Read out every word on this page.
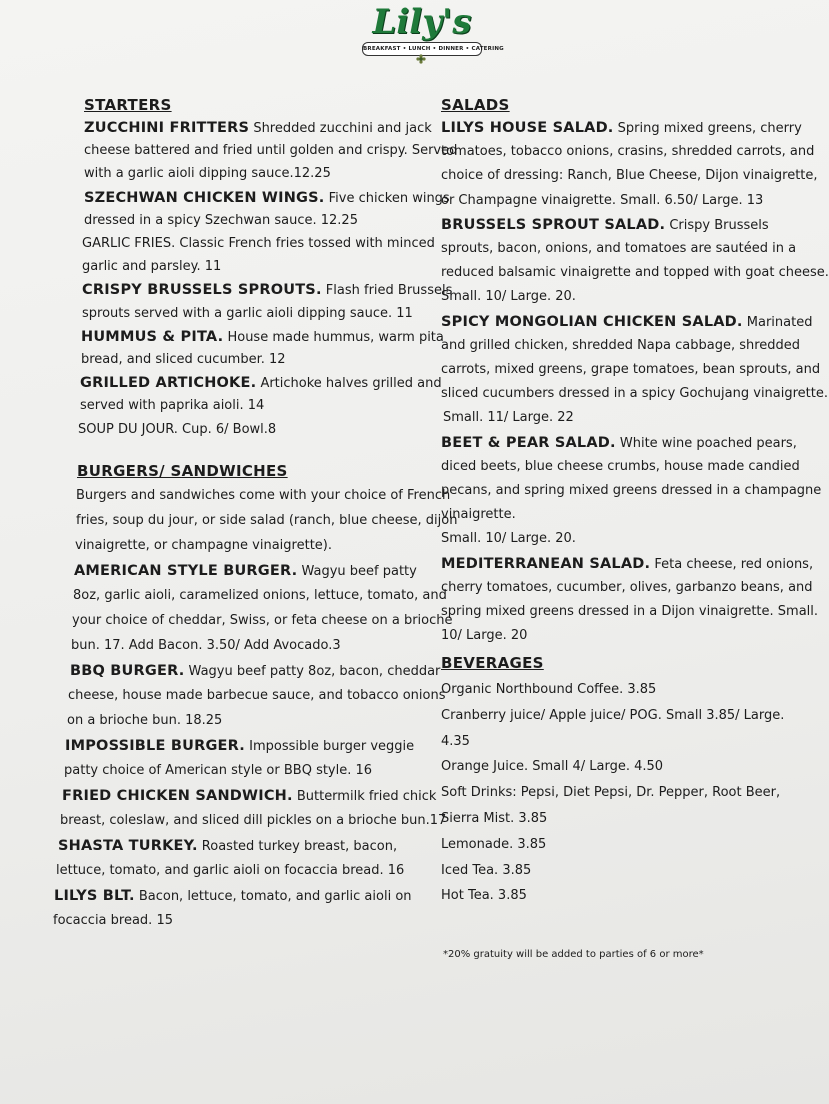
Lily's
BREAKFAST • LUNCH • DINNER • CATERING
STARTERS
BURGERS/ SANDWICHES
SALADS
BEVERAGES
ZUCCHINI FRITTERS Shredded zucchini and jack
cheese battered and fried until golden and crispy. Served
with a garlic aioli dipping sauce.12.25
SZECHWAN CHICKEN WINGS. Five chicken wings
dressed in a spicy Szechwan sauce. 12.25
GARLIC FRIES. Classic French fries tossed with minced
garlic and parsley. 11
CRISPY BRUSSELS SPROUTS. Flash fried Brussels
sprouts served with a garlic aioli dipping sauce. 11
HUMMUS & PITA. House made hummus, warm pita
bread, and sliced cucumber. 12
GRILLED ARTICHOKE. Artichoke halves grilled and
served with paprika aioli. 14
SOUP DU JOUR. Cup. 6/ Bowl.8
Burgers and sandwiches come with your choice of French
fries, soup du jour, or side salad (ranch, blue cheese, dijon
vinaigrette, or champagne vinaigrette).
AMERICAN STYLE BURGER. Wagyu beef patty
8oz, garlic aioli, caramelized onions, lettuce, tomato, and
your choice of cheddar, Swiss, or feta cheese on a brioche
bun. 17. Add Bacon. 3.50/ Add Avocado.3
BBQ BURGER. Wagyu beef patty 8oz, bacon, cheddar
cheese, house made barbecue sauce, and tobacco onions
on a brioche bun. 18.25
IMPOSSIBLE BURGER. Impossible burger veggie
patty choice of American style or BBQ style. 16
FRIED CHICKEN SANDWICH. Buttermilk fried chick
breast, coleslaw, and sliced dill pickles on a brioche bun.17
SHASTA TURKEY. Roasted turkey breast, bacon,
lettuce, tomato, and garlic aioli on focaccia bread. 16
LILYS BLT. Bacon, lettuce, tomato, and garlic aioli on
focaccia bread. 15
LILYS HOUSE SALAD. Spring mixed greens, cherry
tomatoes, tobacco onions, crasins, shredded carrots, and
choice of dressing: Ranch, Blue Cheese, Dijon vinaigrette,
or Champagne vinaigrette. Small. 6.50/ Large. 13
BRUSSELS SPROUT SALAD. Crispy Brussels
sprouts, bacon, onions, and tomatoes are sautéed in a
reduced balsamic vinaigrette and topped with goat cheese.
Small. 10/ Large. 20.
SPICY MONGOLIAN CHICKEN SALAD. Marinated
and grilled chicken, shredded Napa cabbage, shredded
carrots, mixed greens, grape tomatoes, bean sprouts, and
sliced cucumbers dressed in a spicy Gochujang vinaigrette.
Small. 11/ Large. 22
BEET & PEAR SALAD. White wine poached pears,
diced beets, blue cheese crumbs, house made candied
pecans, and spring mixed greens dressed in a champagne
vinaigrette.
Small. 10/ Large. 20.
MEDITERRANEAN SALAD. Feta cheese, red onions,
cherry tomatoes, cucumber, olives, garbanzo beans, and
spring mixed greens dressed in a Dijon vinaigrette. Small.
10/ Large. 20
Organic Northbound Coffee. 3.85
Cranberry juice/ Apple juice/ POG. Small 3.85/ Large.
4.35
Orange Juice. Small 4/ Large. 4.50
Soft Drinks: Pepsi, Diet Pepsi, Dr. Pepper, Root Beer,
Sierra Mist. 3.85
Lemonade. 3.85
Iced Tea. 3.85
Hot Tea. 3.85
*20% gratuity will be added to parties of 6 or more*
